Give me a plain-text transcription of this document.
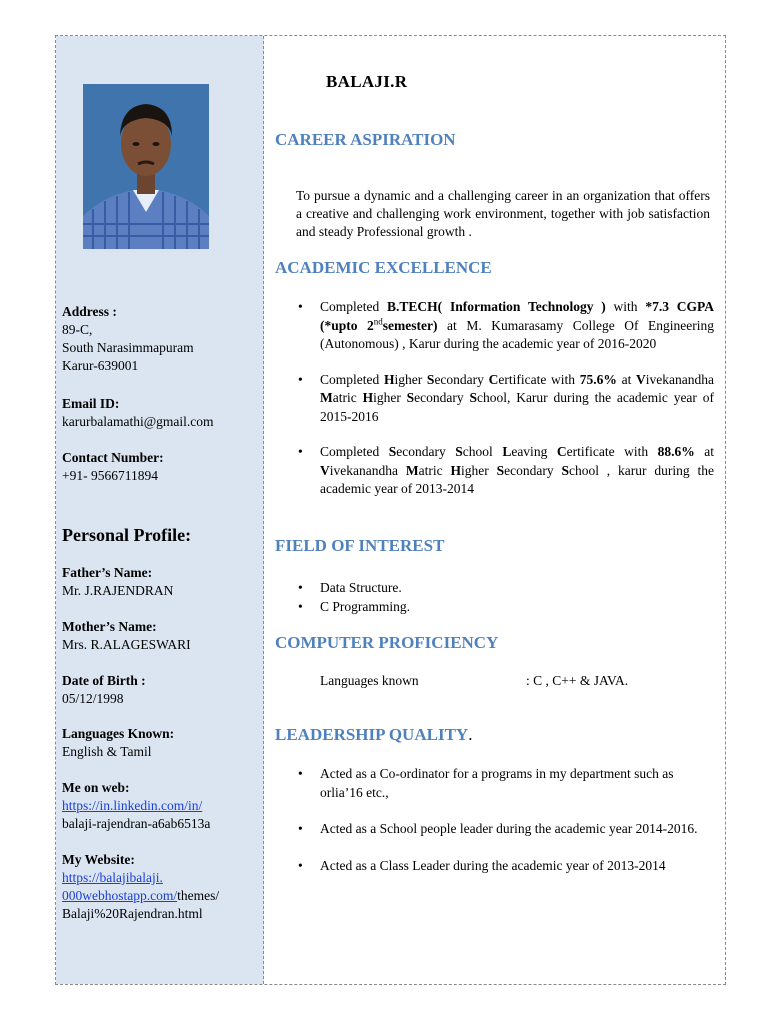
Address :
89-C,
South Narasimmapuram
Karur-639001
Email ID:
karurbalamathi@gmail.com
Contact Number:
+91- 9566711894
Personal Profile:
Father’s Name:
Mr. J.RAJENDRAN
Mother’s Name:
Mrs. R.ALAGESWARI
Date of Birth :
05/12/1998
Languages Known:
English & Tamil
Me on web:
https://in.linkedin.com/in/
balaji-rajendran-a6ab6513a
My Website:
https://balajibalaji.
000webhostapp.com/themes/
Balaji%20Rajendran.html
BALAJI.R
CAREER ASPIRATION
To pursue a dynamic and a challenging career in an organization that offers a creative and challenging work environment, together with job satisfaction and steady Professional growth .
ACADEMIC EXCELLENCE
• Completed B.TECH( Information Technology ) with *7.3 CGPA (*upto 2ndsemester) at M. Kumarasamy College Of Engineering (Autonomous) , Karur during the academic year of 2016-2020
• Completed Higher Secondary Certificate with 75.6% at Vivekanandha Matric Higher Secondary School, Karur during the academic year of 2015-2016
• Completed Secondary School Leaving Certificate with 88.6% at Vivekanandha Matric Higher Secondary School , karur during the academic year of 2013-2014
FIELD OF INTEREST
• Data Structure.
• C Programming.
COMPUTER PROFICIENCY
Languages known	: C , C++ & JAVA.
LEADERSHIP QUALITY.
• Acted as a Co-ordinator for a programs in my department such as orlia’16 etc.,
• Acted as a School people leader during the academic year 2014-2016.
• Acted as a Class Leader during the academic year of 2013-2014
